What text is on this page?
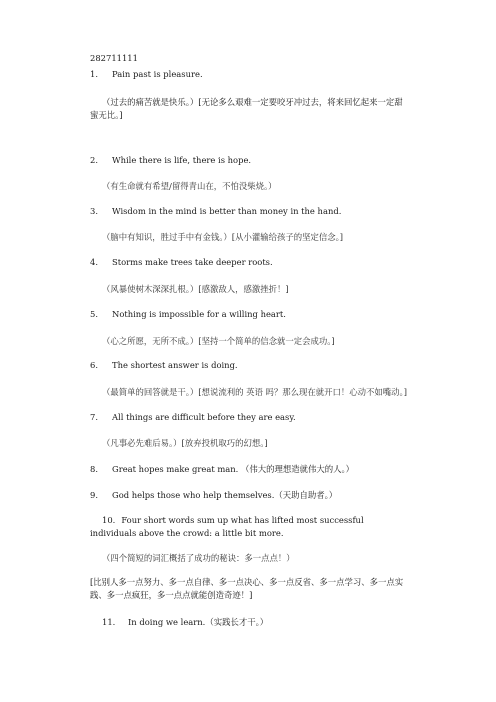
282711111
1. Pain past is pleasure.
（过去的痛苦就是快乐。）[无论多么艰难一定要咬牙冲过去，将来回忆起来一定甜蜜无比。]
2. While there is life, there is hope.
（有生命就有希望/留得青山在，不怕没柴烧。）
3. Wisdom in the mind is better than money in the hand.
（脑中有知识，胜过手中有金钱。）[从小灌输给孩子的坚定信念。]
4. Storms make trees take deeper roots.
（风暴使树木深深扎根。）[感激敌人，感激挫折！]
5. Nothing is impossible for a willing heart.
（心之所愿，无所不成。）[坚持一个简单的信念就一定会成功。]
6. The shortest answer is doing.
（最简单的回答就是干。）[想说流利的 英语 吗？那么现在就开口！心动不如嘴动。]
7. All things are difficult before they are easy.
（凡事必先难后易。）[放弃投机取巧的幻想。]
8. Great hopes make great man. （伟大的理想造就伟大的人。）
9. God helps those who help themselves.（天助自助者。）
10. Four short words sum up what has lifted most successful individuals above the crowd: a little bit more.
（四个简短的词汇概括了成功的秘诀：多一点点！）
[比别人多一点努力、多一点自律、多一点决心、多一点反省、多一点学习、多一点实践、多一点疯狂，多一点点就能创造奇迹！]
11. In doing we learn.（实践长才干。）
